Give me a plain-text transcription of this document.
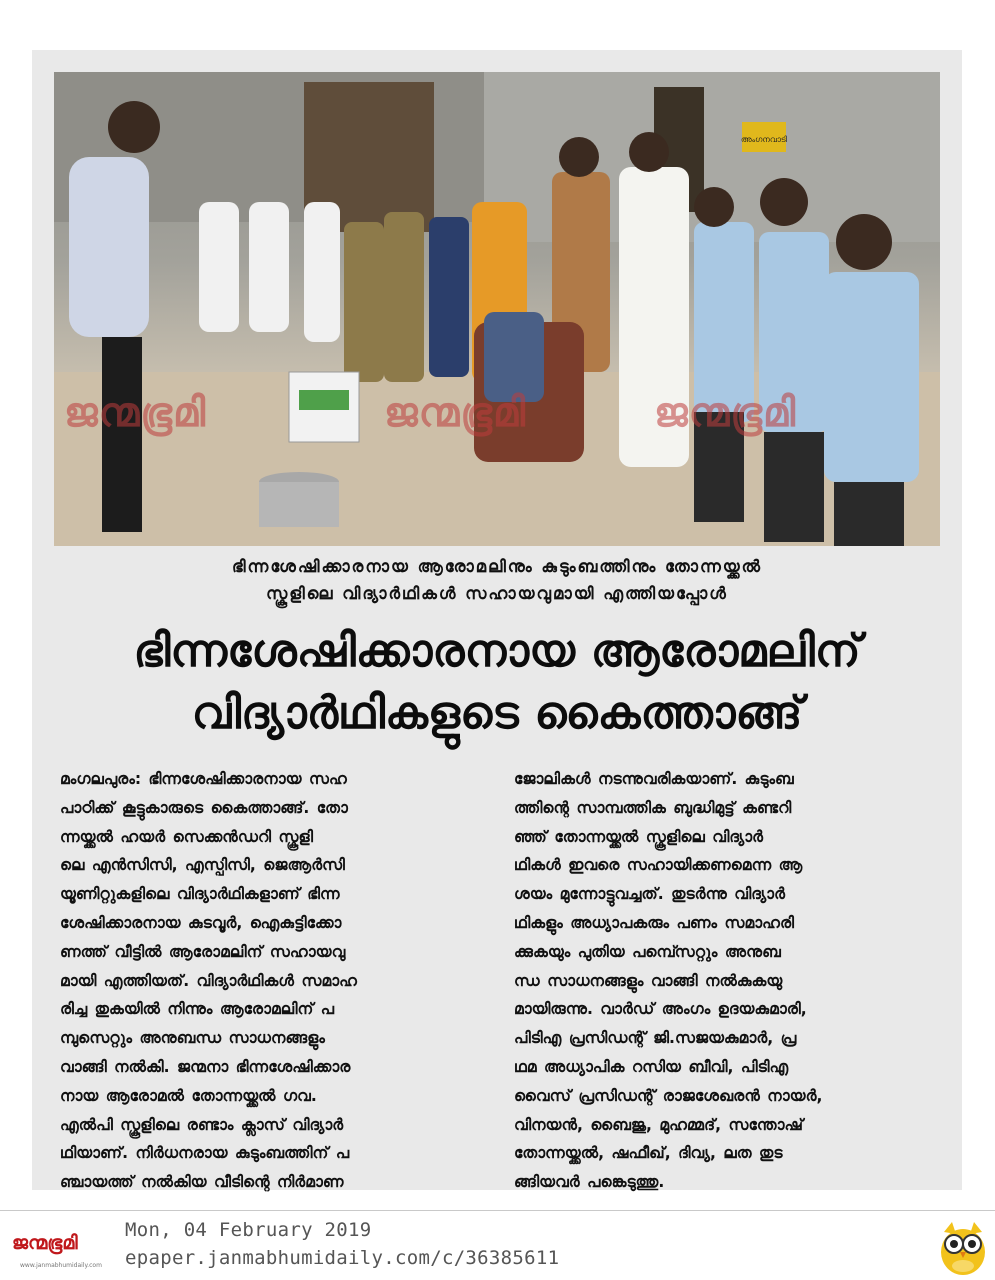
അംഗനവാടി
ജന്മഭൂമി	ജന്മഭൂമി	ജന്മഭൂമി
ഭിന്നശേഷിക്കാരനായ ആരോമലിനും കുടുംബത്തിനും തോന്നയ്ക്കൽ
സ്കൂളിലെ വിദ്യാർഥികൾ സഹായവുമായി എത്തിയപ്പോൾ
ഭിന്നശേഷിക്കാരനായ ആരോമലിന്
വിദ്യാർഥികളുടെ കൈത്താങ്ങ്
മംഗലപുരം: ഭിന്നശേഷിക്കാരനായ സഹ
പാഠിക്ക് കൂട്ടുകാരുടെ കൈത്താങ്ങ്. തോ
ന്നയ്ക്കൽ ഹയർ സെക്കൻഡറി സ്കൂളി
ലെ എൻസിസി, എസ്പിസി, ജെആർസി
യൂണിറ്റുകളിലെ വിദ്യാർഥികളാണ് ഭിന്ന
ശേഷിക്കാരനായ കുടവൂർ, ഐകുട്ടിക്കോ
ണത്ത് വീട്ടിൽ ആരോമലിന് സഹായവു
മായി എത്തിയത്. വിദ്യാർഥികൾ സമാഹ
രിച്ച തുകയിൽ നിന്നും ആരോമലിന് പ
മ്പുസെറ്റും അനുബന്ധ സാധനങ്ങളും
വാങ്ങി നൽകി. ജന്മനാ ഭിന്നശേഷിക്കാര
നായ ആരോമൽ തോന്നയ്ക്കൽ ഗവ.
എൽപി സ്കൂളിലെ രണ്ടാം ക്ലാസ് വിദ്യാർ
ഥിയാണ്. നിർധനരായ കുടുംബത്തിന് പ
ഞ്ചായത്ത് നൽകിയ വീടിന്റെ നിർമാണ
ജോലികൾ നടന്നുവരികയാണ്. കുടുംബ
ത്തിന്റെ സാമ്പത്തിക ബുദ്ധിമുട്ട് കണ്ടറി
ഞ്ഞ് തോന്നയ്ക്കൽ സ്കൂളിലെ വിദ്യാർ
ഥികൾ ഇവരെ സഹായിക്കണമെന്ന ആ
ശയം മുന്നോട്ടുവച്ചത്. തുടർന്നു വിദ്യാർ
ഥികളും അധ്യാപകരും പണം സമാഹരി
ക്കുകയും പുതിയ പമ്പ്സെറ്റും അനുബ
ന്ധ സാധനങ്ങളും വാങ്ങി നൽകുകയു
മായിരുന്നു. വാർഡ് അംഗം ഉദയകുമാരി,
പിടിഎ പ്രസിഡന്റ് ജി.സജയകുമാർ, പ്ര
ഥമ അധ്യാപിക റസിയ ബീവി, പിടിഎ
വൈസ് പ്രസിഡന്റ് രാജശേഖരൻ നായർ,
വിനയൻ, ബൈജു, മുഹമ്മദ്, സന്തോഷ്
തോന്നയ്ക്കൽ, ഷഫീഖ്, ദിവ്യ, ലത തുട
ങ്ങിയവർ പങ്കെടുത്തു.
ജന്മഭൂമി
www.janmabhumidaily.com
Mon, 04 February 2019
epaper.janmabhumidaily.com/c/36385611
